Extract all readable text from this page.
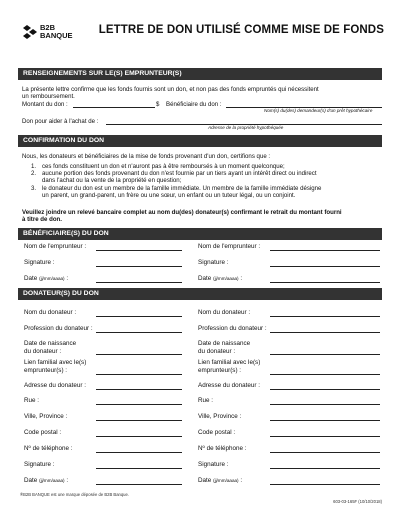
B2B
BANQUE LETTRE DE DON UTILISÉ COMME MISE DE FONDS
RENSEIGNEMENTS SUR LE(S) EMPRUNTEUR(S)
La présente lettre confirme que les fonds fournis sont un don, et non pas des fonds empruntés qui nécessitent
un remboursement.
Montant du don :	$ Bénéficiaire du don :
Nom(s) du(des) demandeur(s) d'un prêt hypothécaire
Don pour aider à l'achat de :
Adresse de la propriété hypothéquée
CONFIRMATION DU DON
Nous, les donateurs et bénéficiaires de la mise de fonds provenant d'un don, certifions que :
1. ces fonds constituent un don et n'auront pas à être remboursés à un moment quelconque;
2. aucune portion des fonds provenant du don n'est fournie par un tiers ayant un intérêt direct ou indirect
dans l'achat ou la vente de la propriété en question;
3. le donateur du don est un membre de la famille immédiate. Un membre de la famille immédiate désigne
un parent, un grand-parent, un frère ou une sœur, un enfant ou un tuteur légal, ou un conjoint.
Veuillez joindre un relevé bancaire complet au nom du(des) donateur(s) confirmant le retrait du montant fourni
à titre de don.
BÉNÉFICIAIRE(S) DU DON
Nom de l'emprunteur :
Signature :
Date (jj/mm/aaaa) :
Nom de l'emprunteur :
Signature :
Date (jj/mm/aaaa) :
DONATEUR(S) DU DON
Nom du donateur :
Profession du donateur :
Date de naissance
du donateur :
Lien familial avec le(s)
emprunteur(s) :
Adresse du donateur :
Rue :
Ville, Province :
Code postal :
Nº de téléphone :
Signature :
Date (jj/mm/aaaa) :
Nom du donateur :
Profession du donateur :
Date de naissance
du donateur :
Lien familial avec le(s)
emprunteur(s) :
Adresse du donateur :
Rue :
Ville, Province :
Code postal :
Nº de téléphone :
Signature :
Date (jj/mm/aaaa) :
®B2B BANQUE est une marque déposée de B2B Banque.
603-03-165F (10/10/2018)
